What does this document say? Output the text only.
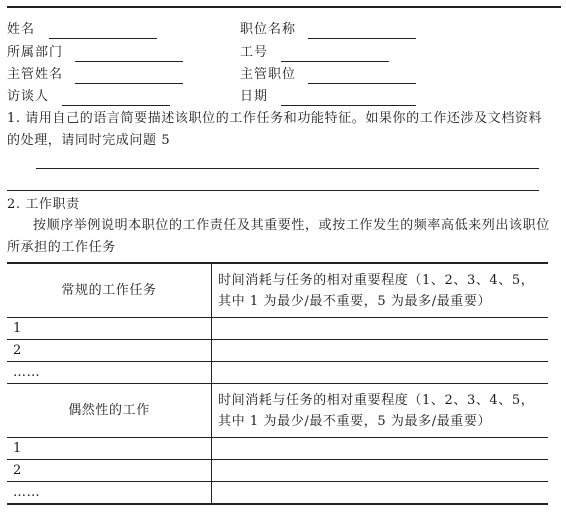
姓名	职位名称
所属部门	工号
主管姓名	主管职位
访谈人	日期
1. 请用自己的语言简要描述该职位的工作任务和功能特征。如果你的工作还涉及文档资料的处理，请同时完成问题 5
2. 工作职责
按顺序举例说明本职位的工作责任及其重要性，或按工作发生的频率高低来列出该职位所承担的工作任务
常规的工作任务	时间消耗与任务的相对重要程度（1、2、3、4、5，其中 1 为最少/最不重要，5 为最多/最重要）
1	
2	
……	
偶然性的工作	时间消耗与任务的相对重要程度（1、2、3、4、5，其中 1 为最少/最不重要，5 为最多/最重要）
1	
2	
……	
